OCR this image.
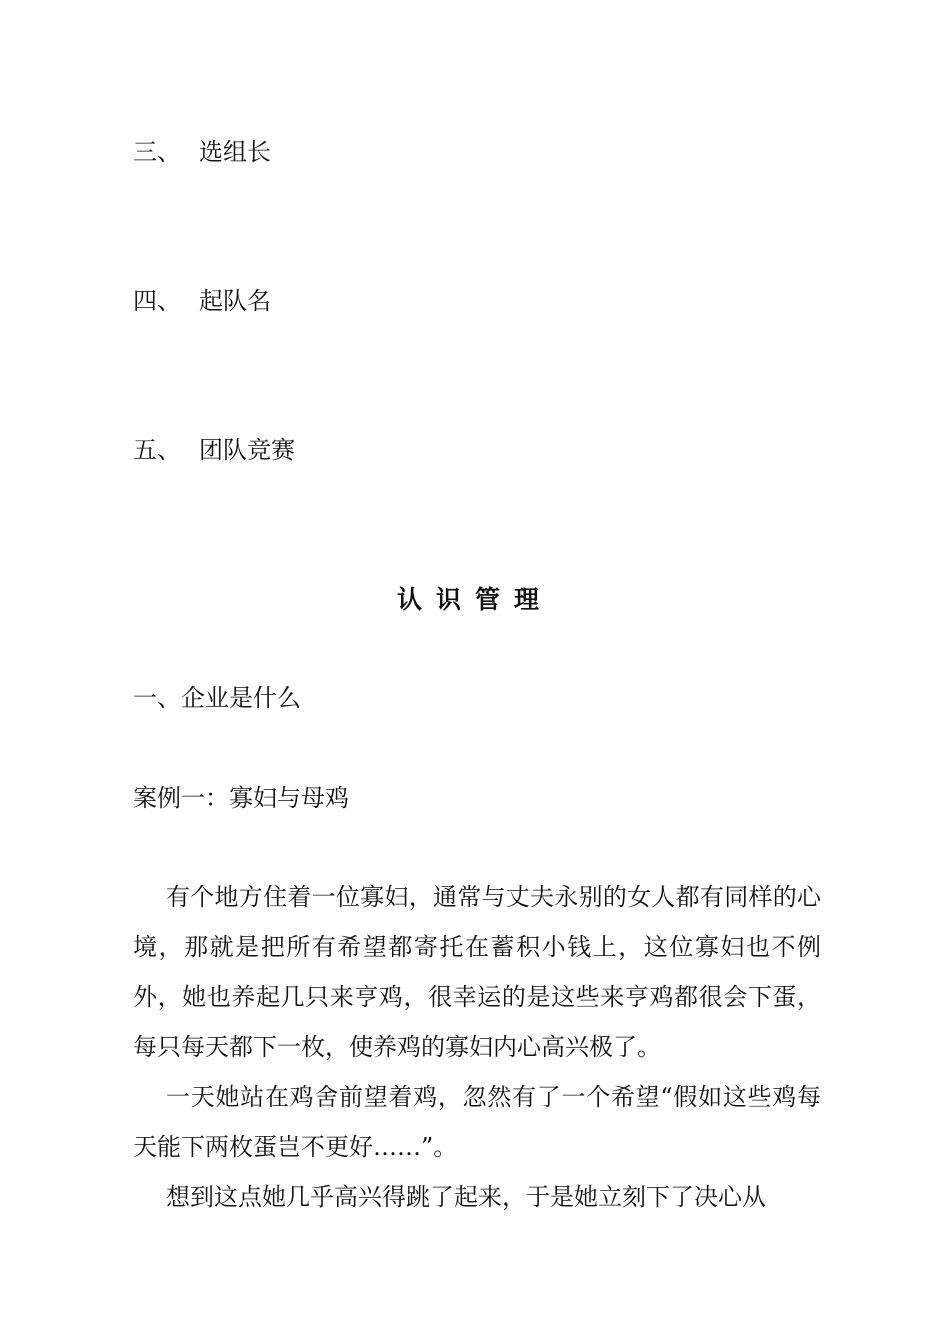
三、 选组长
四、 起队名
五、 团队竞赛
认识管理
一、企业是什么
案例一：寡妇与母鸡

有个地方住着一位寡妇，通常与丈夫永别的女人都有同样的心境，那就是把所有希望都寄托在蓄积小钱上，这位寡妇也不例外，她也养起几只来亨鸡，很幸运的是这些来亨鸡都很会下蛋，每只每天都下一枚，使养鸡的寡妇内心高兴极了。

一天她站在鸡舍前望着鸡，忽然有了一个希望“假如这些鸡每天能下两枚蛋岂不更好……”。

想到这点她几乎高兴得跳了起来，于是她立刻下了决心从
